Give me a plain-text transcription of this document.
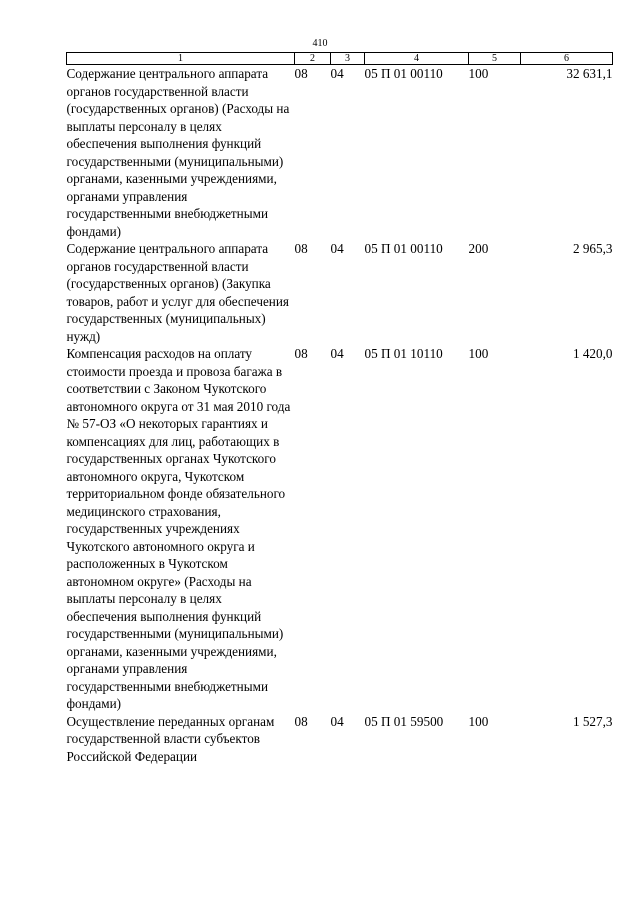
410
1	2	3	4	5	6
Содержание центрального аппарата органов государственной власти (государственных органов) (Расходы на выплаты персоналу в целях обеспечения выполнения функций государственными (муниципальными) органами, казенными учреждениями, органами управления государственными внебюджетными фондами)	08	04	05 П 01 00110	100	32 631,1
Содержание центрального аппарата органов государственной власти (государственных органов) (Закупка товаров, работ и услуг для обеспечения государственных (муниципальных) нужд)	08	04	05 П 01 00110	200	2 965,3
Компенсация расходов на оплату стоимости проезда и провоза багажа в соответствии с Законом Чукотского автономного округа от 31 мая 2010 года № 57-ОЗ «О некоторых гарантиях и компенсациях для лиц, работающих в государственных органах Чукотского автономного округа, Чукотском территориальном фонде обязательного медицинского страхования, государственных учреждениях Чукотского автономного округа и расположенных в Чукотском автономном округе» (Расходы на выплаты персоналу в целях обеспечения выполнения функций государственными (муниципальными) органами, казенными учреждениями, органами управления государственными внебюджетными фондами)	08	04	05 П 01 10110	100	1 420,0
Осуществление переданных органам государственной власти субъектов Российской Федерации	08	04	05 П 01 59500	100	1 527,3
